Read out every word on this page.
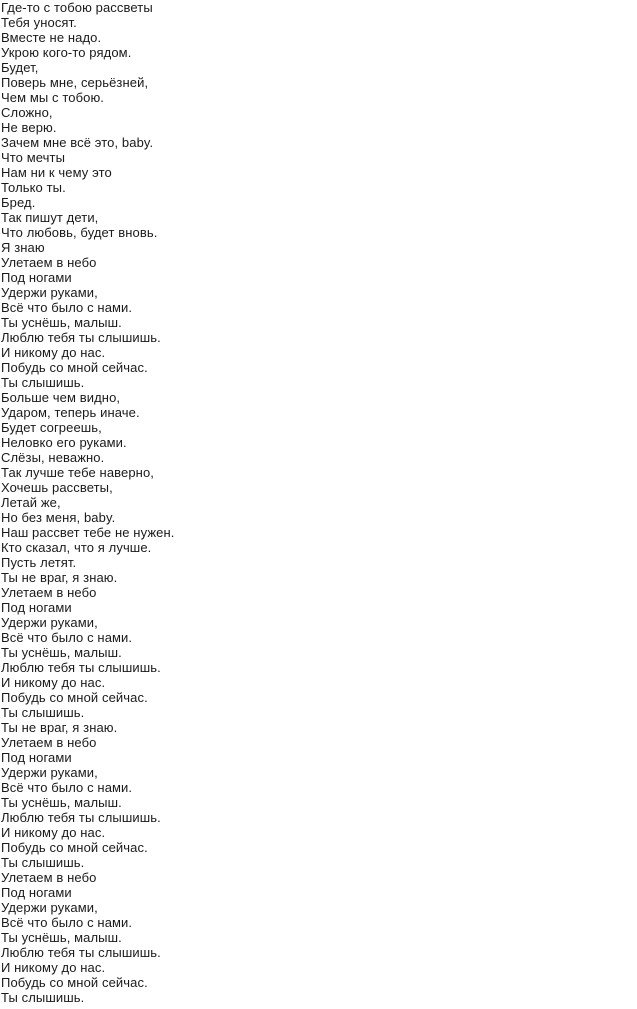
Где-то с тобою рассветы
Тебя уносят.
Вместе не надо.
Укрою кого-то рядом.
Будет,
Поверь мне, серьёзней,
Чем мы с тобою.
Сложно,
Не верю.
Зачем мне всё это, baby.
Что мечты
Нам ни к чему это
Только ты.
Бред.
Так пишут дети,
Что любовь, будет вновь.
Я знаю
Улетаем в небо
Под ногами
Удержи руками,
Всё что было с нами.
Ты уснёшь, малыш.
Люблю тебя ты слышишь.
И никому до нас.
Побудь со мной сейчас.
Ты слышишь.
Больше чем видно,
Ударом, теперь иначе.
Будет согреешь,
Неловко его руками.
Слёзы, неважно.
Так лучше тебе наверно,
Хочешь рассветы,
Летай же,
Но без меня, baby.
Наш рассвет тебе не нужен.
Кто сказал, что я лучше.
Пусть летят.
Ты не враг, я знаю.
Улетаем в небо
Под ногами
Удержи руками,
Всё что было с нами.
Ты уснёшь, малыш.
Люблю тебя ты слышишь.
И никому до нас.
Побудь со мной сейчас.
Ты слышишь.
Ты не враг, я знаю.
Улетаем в небо
Под ногами
Удержи руками,
Всё что было с нами.
Ты уснёшь, малыш.
Люблю тебя ты слышишь.
И никому до нас.
Побудь со мной сейчас.
Ты слышишь.
Улетаем в небо
Под ногами
Удержи руками,
Всё что было с нами.
Ты уснёшь, малыш.
Люблю тебя ты слышишь.
И никому до нас.
Побудь со мной сейчас.
Ты слышишь.
